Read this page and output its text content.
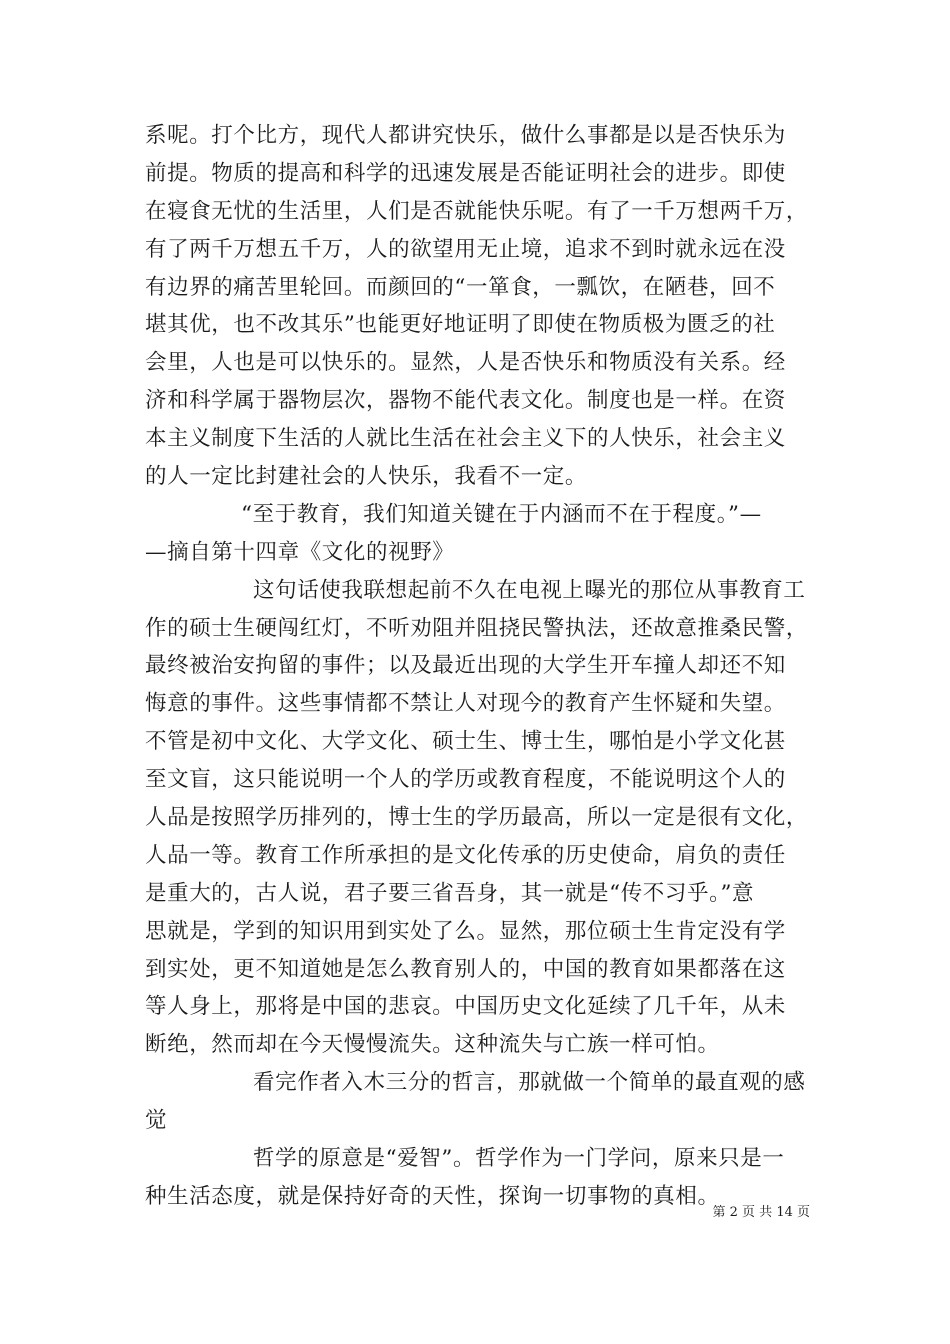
系呢。打个比方，现代人都讲究快乐，做什么事都是以是否快乐为
前提。物质的提高和科学的迅速发展是否能证明社会的进步。即使
在寝食无忧的生活里，人们是否就能快乐呢。有了一千万想两千万，
有了两千万想五千万，人的欲望用无止境，追求不到时就永远在没
有边界的痛苦里轮回。而颜回的“一箪食，一瓢饮，在陋巷，回不
堪其优，也不改其乐”也能更好地证明了即使在物质极为匮乏的社
会里，人也是可以快乐的。显然，人是否快乐和物质没有关系。经
济和科学属于器物层次，器物不能代表文化。制度也是一样。在资
本主义制度下生活的人就比生活在社会主义下的人快乐，社会主义
的人一定比封建社会的人快乐，我看不一定。
“至于教育，我们知道关键在于内涵而不在于程度。”—
—摘自第十四章《文化的视野》
这句话使我联想起前不久在电视上曝光的那位从事教育工
作的硕士生硬闯红灯，不听劝阻并阻挠民警执法，还故意推桑民警，
最终被治安拘留的事件；以及最近出现的大学生开车撞人却还不知
悔意的事件。这些事情都不禁让人对现今的教育产生怀疑和失望。
不管是初中文化、大学文化、硕士生、博士生，哪怕是小学文化甚
至文盲，这只能说明一个人的学历或教育程度，不能说明这个人的
人品是按照学历排列的，博士生的学历最高，所以一定是很有文化，
人品一等。教育工作所承担的是文化传承的历史使命，肩负的责任
是重大的，古人说，君子要三省吾身，其一就是“传不习乎。”意
思就是，学到的知识用到实处了么。显然，那位硕士生肯定没有学
到实处，更不知道她是怎么教育别人的，中国的教育如果都落在这
等人身上，那将是中国的悲哀。中国历史文化延续了几千年，从未
断绝，然而却在今天慢慢流失。这种流失与亡族一样可怕。
看完作者入木三分的哲言，那就做一个简单的最直观的感
觉
哲学的原意是“爱智”。哲学作为一门学问，原来只是一
种生活态度，就是保持好奇的天性，探询一切事物的真相。
第 2 页 共 14 页
